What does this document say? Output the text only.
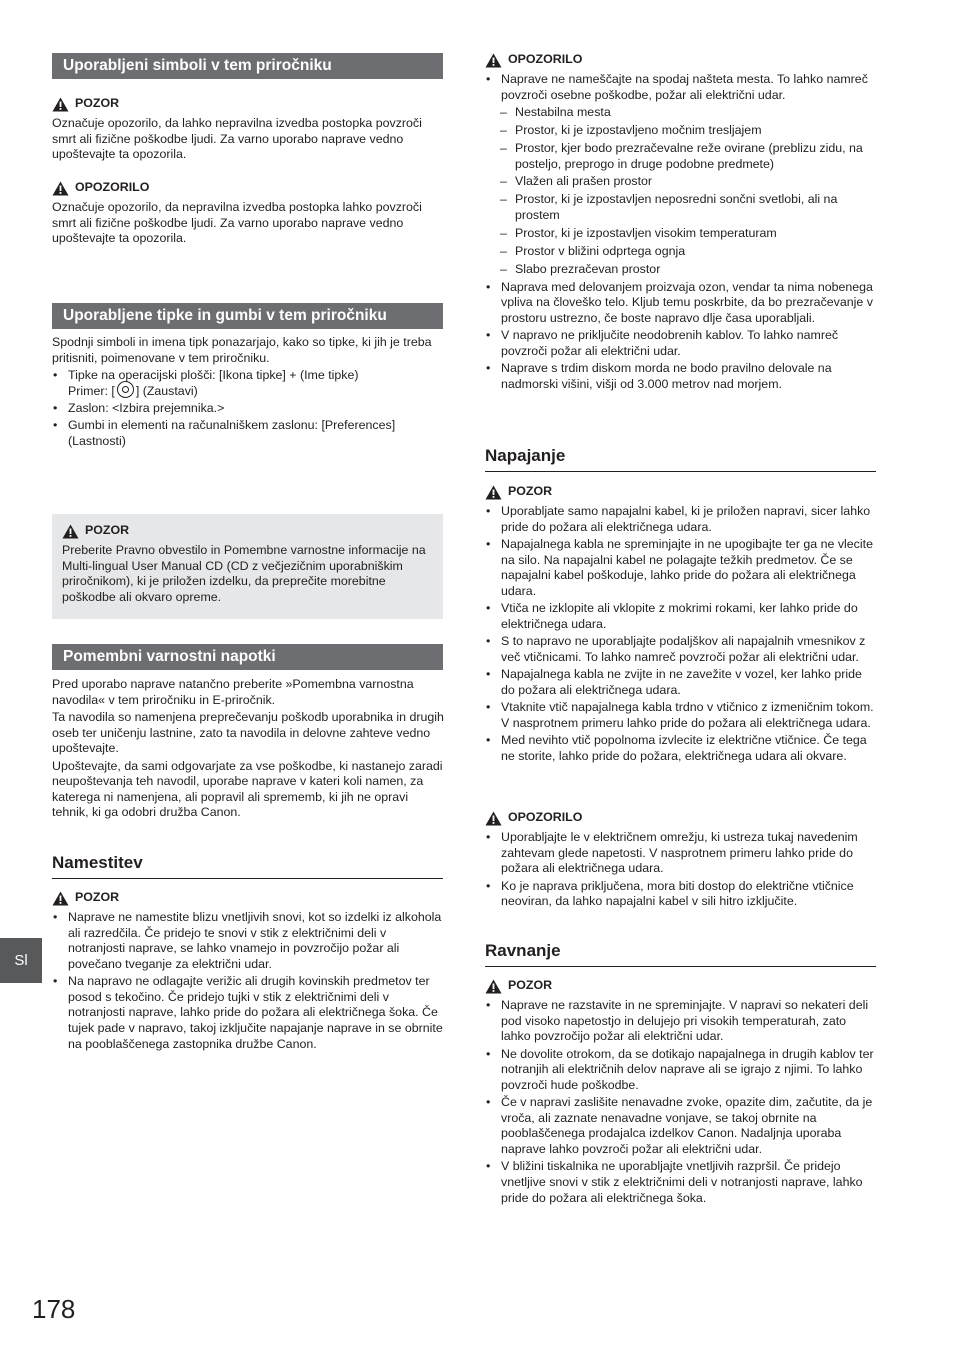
Uporabljeni simboli v tem priročniku
POZOR

Označuje opozorilo, da lahko nepravilna izvedba postopka povzroči smrt ali fizične poškodbe ljudi. Za varno uporabo naprave vedno upoštevajte ta opozorila.

OPOZORILO

Označuje opozorilo, da nepravilna izvedba postopka lahko povzroči smrt ali fizične poškodbe ljudi. Za varno uporabo naprave vedno upoštevajte ta opozorila.

Uporabljene tipke in gumbi v tem priročniku

Spodnji simboli in imena tipk ponazarjajo, kako so tipke, ki jih je treba pritisniti, poimenovane v tem priročniku.

• Tipke na operacijski plošči: [Ikona tipke] + (Ime tipke)
Primer: [ ] (Zaustavi)
• Zaslon: <Izbira prejemnika.>
• Gumbi in elementi na računalniškem zaslonu: [Preferences] (Lastnosti)
POZOR

Preberite Pravno obvestilo in Pomembne varnostne informacije na Multi-lingual User Manual CD (CD z večjezičnim uporabniškim priročnikom), ki je priložen izdelku, da preprečite morebitne poškodbe ali okvaro opreme.

Pomembni varnostni napotki

Pred uporabo naprave natančno preberite »Pomembna varnostna navodila« v tem priročniku in E-priročnik.

Ta navodila so namenjena preprečevanju poškodb uporabnika in drugih oseb ter uničenju lastnine, zato ta navodila in delovne zahteve vedno upoštevajte.

Upoštevajte, da sami odgovarjate za vse poškodbe, ki nastanejo zaradi neupoštevanja teh navodil, uporabe naprave v kateri koli namen, za katerega ni namenjena, ali popravil ali sprememb, ki jih ne opravi tehnik, ki ga odobri družba Canon.

Namestitev
POZOR
• Naprave ne namestite blizu vnetljivih snovi, kot so izdelki iz alkohola ali razredčila. Če pridejo te snovi v stik z električnimi deli v notranjosti naprave, se lahko vnamejo in povzročijo požar ali povečano tveganje za električni udar.
• Na napravo ne odlagajte verižic ali drugih kovinskih predmetov ter posod s tekočino. Če pridejo tujki v stik z električnimi deli v notranjosti naprave, lahko pride do požara ali električnega šoka. Če tujek pade v napravo, takoj izključite napajanje naprave in se obrnite na pooblaščenega zastopnika družbe Canon.
OPOZORILO
• Naprave ne nameščajte na spodaj našteta mesta. To lahko namreč povzroči osebne poškodbe, požar ali električni udar.
– Nestabilna mesta
– Prostor, ki je izpostavljeno močnim tresljajem
– Prostor, kjer bodo prezračevalne reže ovirane (preblizu zidu, na posteljo, preprogo in druge podobne predmete)
– Vlažen ali prašen prostor
– Prostor, ki je izpostavljen neposredni sončni svetlobi, ali na prostem
– Prostor, ki je izpostavljen visokim temperaturam
– Prostor v bližini odprtega ognja
– Slabo prezračevan prostor
• Naprava med delovanjem proizvaja ozon, vendar ta nima nobenega vpliva na človeško telo. Kljub temu poskrbite, da bo prezračevanje v prostoru ustrezno, če boste napravo dlje časa uporabljali.
• V napravo ne priključite neodobrenih kablov. To lahko namreč povzroči požar ali električni udar.
• Naprave s trdim diskom morda ne bodo pravilno delovale na nadmorski višini, višji od 3.000 metrov nad morjem.
Napajanje
POZOR
• Uporabljate samo napajalni kabel, ki je priložen napravi, sicer lahko pride do požara ali električnega udara.
• Napajalnega kabla ne spreminjajte in ne upogibajte ter ga ne vlecite na silo. Na napajalni kabel ne polagajte težkih predmetov. Če se napajalni kabel poškoduje, lahko pride do požara ali električnega udara.
• Vtiča ne izklopite ali vklopite z mokrimi rokami, ker lahko pride do električnega udara.
• S to napravo ne uporabljajte podaljškov ali napajalnih vmesnikov z več vtičnicami. To lahko namreč povzroči požar ali električni udar.
• Napajalnega kabla ne zvijte in ne zavežite v vozel, ker lahko pride do požara ali električnega udara.
• Vtaknite vtič napajalnega kabla trdno v vtičnico z izmeničnim tokom. V nasprotnem primeru lahko pride do požara ali električnega udara.
• Med nevihto vtič popolnoma izvlecite iz električne vtičnice. Če tega ne storite, lahko pride do požara, električnega udara ali okvare.
OPOZORILO
• Uporabljajte le v električnem omrežju, ki ustreza tukaj navedenim zahtevam glede napetosti. V nasprotnem primeru lahko pride do požara ali električnega udara.
• Ko je naprava priključena, mora biti dostop do električne vtičnice neoviran, da lahko napajalni kabel v sili hitro izključite.
Ravnanje
POZOR
• Naprave ne razstavite in ne spreminjajte. V napravi so nekateri deli pod visoko napetostjo in delujejo pri visokih temperaturah, zato lahko povzročijo požar ali električni udar.
• Ne dovolite otrokom, da se dotikajo napajalnega in drugih kablov ter notranjih ali električnih delov naprave ali se igrajo z njimi. To lahko povzroči hude poškodbe.
• Če v napravi zaslišite nenavadne zvoke, opazite dim, začutite, da je vroča, ali zaznate nenavadne vonjave, se takoj obrnite na pooblaščenega prodajalca izdelkov Canon. Nadaljnja uporaba naprave lahko povzroči požar ali električni udar.
• V bližini tiskalnika ne uporabljajte vnetljivih razpršil. Če pridejo vnetljive snovi v stik z električnimi deli v notranjosti naprave, lahko pride do požara ali električnega šoka.
Sl
178
